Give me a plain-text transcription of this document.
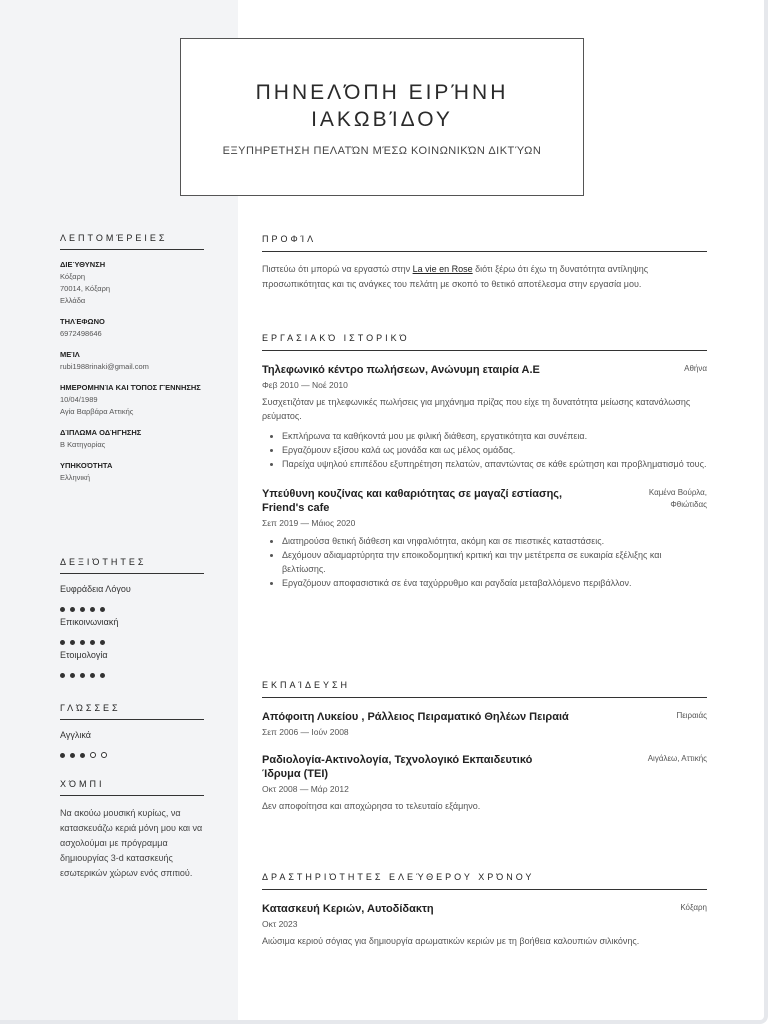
ΠΗΝΕΛΌΠΗ ΕΙΡΉΝΗ
ΙΑΚΩΒΊΔΟΥ
ΕΞΥΠΗΡΕΤΗΣΗ ΠΕΛΑΤΏΝ ΜΈΣΩ ΚΟΙΝΩΝΙΚΏΝ ΔΙΚΤΎΩΝ
ΛΕΠΤΟΜΈΡΕΙΕΣ
ΔΙΕΎΘΥΝΣΗ
Κόξαρη
70014, Κόξαρη
Ελλάδα
ΤΗΛΈΦΩΝΟ
6972498646
ΜΕΊΛ
rubi1988rinaki@gmail.com
ΗΜΕΡΟΜΗΝΊΑ ΚΑΙ ΤΌΠΟΣ ΓΈΝΝΗΣΗΣ
10/04/1989
Αγία Βαρβάρα Αττικής
ΔΊΠΛΩΜΑ ΟΔΉΓΗΣΗΣ
Β Κατηγορίας
ΥΠΗΚΟΌΤΗΤΑ
Ελληνική
ΔΕΞΙΌΤΗΤΕΣ
Ευφράδεια Λόγου
Επικοινωνιακή
Ετοιμολογία
ΓΛΏΣΣΕΣ
Αγγλικά
ΧΌΜΠΙ
Να ακούω μουσική κυρίως, να κατασκευάζω κεριά μόνη μου και να ασχολούμαι με πρόγραμμα δημιουργίας 3-d κατασκευής εσωτερικών χώρων ενός σπιτιού.
ΠΡΟΦΊΛ
Πιστεύω ότι μπορώ να εργαστώ στην La vie en Rose διότι ξέρω ότι έχω τη δυνατότητα αντίληψης προσωπικότητας και τις ανάγκες του πελάτη με σκοπό το θετικό αποτέλεσμα στην εργασία μου.
ΕΡΓΑΣΙΑΚΌ ΙΣΤΟΡΙΚΌ
Τηλεφωνικό κέντρο πωλήσεων, Ανώνυμη εταιρία Α.Ε	Αθήνα
Φεβ 2010 — Νοέ 2010
Συσχετιζόταν με τηλεφωνικές πωλήσεις για μηχάνημα πρίζας που είχε τη δυνατότητα μείωσης κατανάλωσης ρεύματος.
• Εκπλήρωνα τα καθήκοντά μου με φιλική διάθεση, εργατικότητα και συνέπεια.
• Εργαζόμουν εξίσου καλά ως μονάδα και ως μέλος ομάδας.
• Παρείχα υψηλού επιπέδου εξυπηρέτηση πελατών, απαντώντας σε κάθε ερώτηση και προβληματισμό τους.
Υπεύθυνη κουζίνας και καθαριότητας σε μαγαζί εστίασης, Friend's cafe
Καμένα Βούρλα,
Φθιώτιδας
Σεπ 2019 — Μάιος 2020
• Διατηρούσα θετική διάθεση και νηφαλιότητα, ακόμη και σε πιεστικές καταστάσεις.
• Δεχόμουν αδιαμαρτύρητα την εποικοδομητική κριτική και την μετέτρεπα σε ευκαιρία εξέλιξης και βελτίωσης.
• Εργαζόμουν αποφασιστικά σε ένα ταχύρρυθμο και ραγδαία μεταβαλλόμενο περιβάλλον.
ΕΚΠΑΊΔΕΥΣΗ
Απόφοιτη Λυκείου , Ράλλειος Πειραματικό Θηλέων Πειραιά	Πειραιάς
Σεπ 2006 — Ιούν 2008
Ραδιολογία-Ακτινολογία, Τεχνολογικό Εκπαιδευτικό Ίδρυμα (TEI)
Αιγάλεω, Αττικής
Οκτ 2008 — Μάρ 2012
Δεν αποφοίτησα και αποχώρησα το τελευταίο εξάμηνο.
ΔΡΑΣΤΗΡΙΌΤΗΤΕΣ ΕΛΕΎΘΕΡΟΥ ΧΡΌΝΟΥ
Κατασκευή Κεριών, Αυτοδίδακτη	Κόξαρη
Οκτ 2023
Αιώσιμα κεριού σόγιας για δημιουργία αρωματικών κεριών με τη βοήθεια καλουπιών σιλικόνης.
